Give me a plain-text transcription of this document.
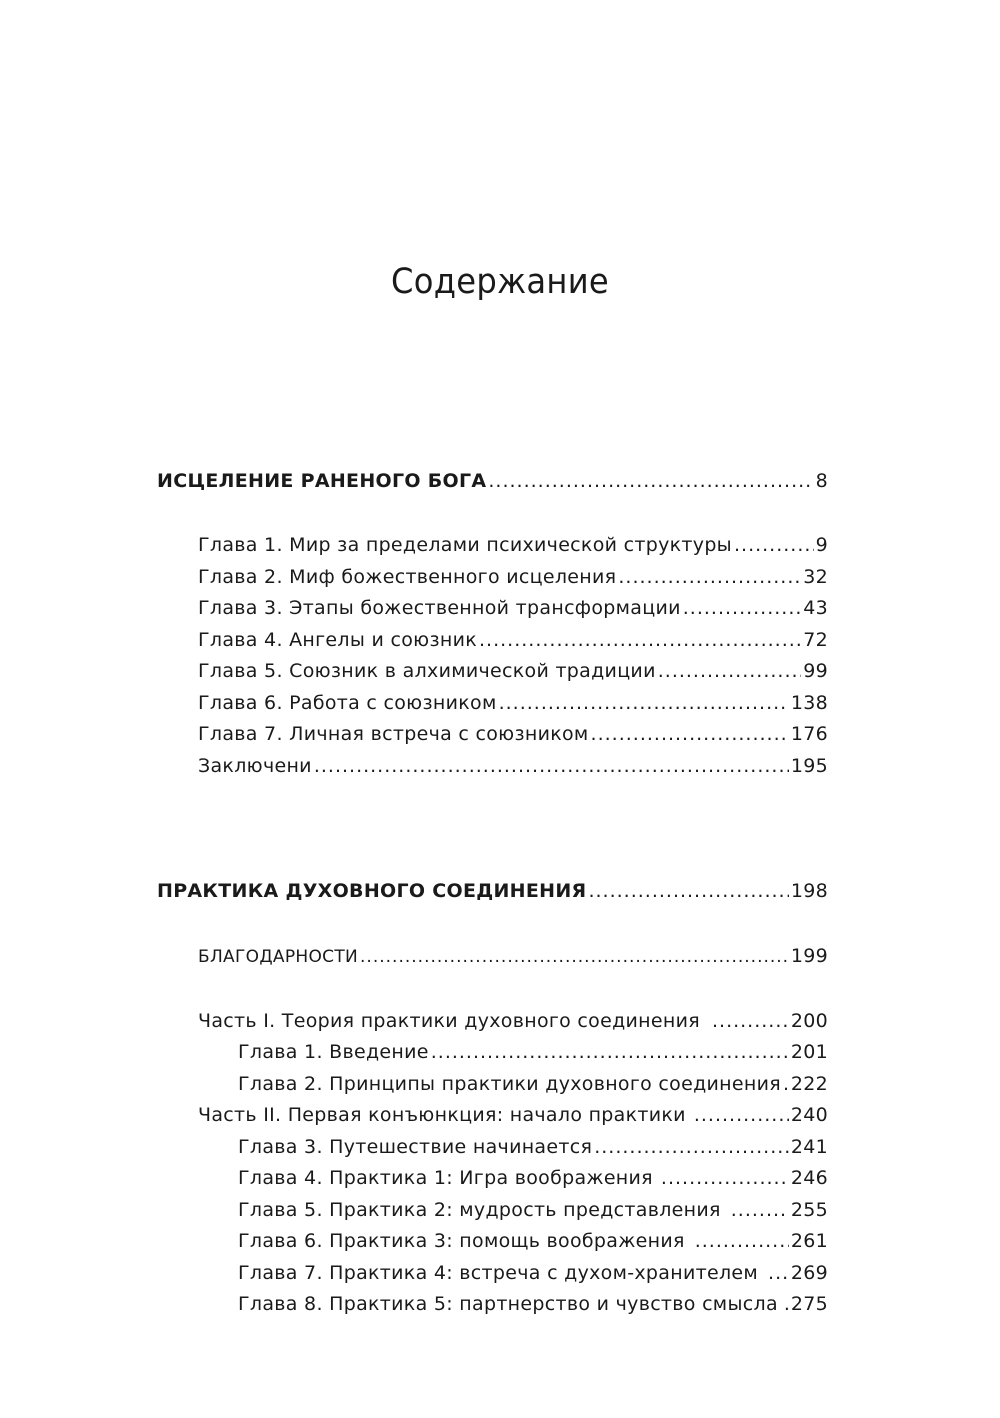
Содержание
ИСЦЕЛЕНИЕ РАНЕНОГО БОГА .....	8
Глава 1. Мир за пределами психической структуры .....	9
Глава 2. Миф божественного исцеления .....	32
Глава 3. Этапы божественной трансформации .....	43
Глава 4. Ангелы и союзник .....	72
Глава 5. Союзник в алхимической традиции .....	99
Глава 6. Работа с союзником .....	138
Глава 7. Личная встреча с союзником .....	176
Заключени .....	195
ПРАКТИКА ДУХОВНОГО СОЕДИНЕНИЯ .....	198
БЛАГОДАРНОСТИ .....	199
Часть I. Теория практики духовного соединения .....	200
Глава 1. Введение .....	201
Глава 2. Принципы практики духовного соединения ..... 222
Часть II. Первая конъюнкция: начало практики .....	240
Глава 3. Путешествие начинается .....	241
Глава 4. Практика 1: Игра воображения .....	246
Глава 5. Практика 2: мудрость представления .....	255
Глава 6. Практика 3: помощь воображения .....	261
Глава 7. Практика 4: встреча с духом-хранителем ..... 269
Глава 8. Практика 5: партнерство и чувство смысла ..... 275
